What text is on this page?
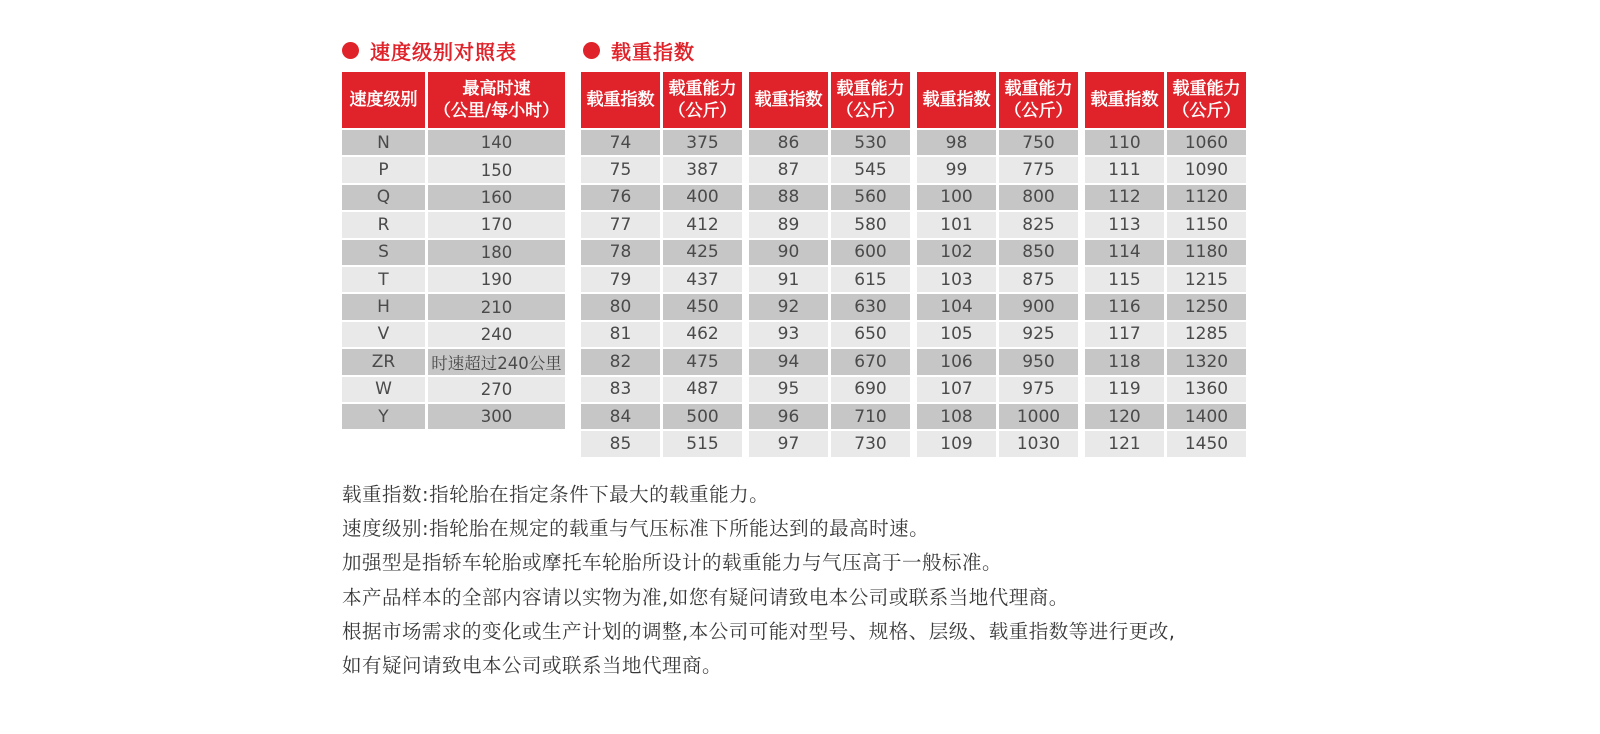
速度级别对照表	载重指数
速度级别
最高时速
（公里/每小时）
N	140
P	150
Q	160
R	170
S	180
T	190
H	210
V	240
ZR	时速超过240公里
W	270
Y	300
载重指数
载重能力
（公斤）
74	375
75	387
76	400
77	412
78	425
79	437
80	450
81	462
82	475
83	487
84	500
85	515
载重指数
载重能力
（公斤）
86	530
87	545
88	560
89	580
90	600
91	615
92	630
93	650
94	670
95	690
96	710
97	730
载重指数
载重能力
（公斤）
98	750
99	775
100	800
101	825
102	850
103	875
104	900
105	925
106	950
107	975
108	1000
109	1030
载重指数
载重能力
（公斤）
110	1060
111	1090
112	1120
113	1150
114	1180
115	1215
116	1250
117	1285
118	1320
119	1360
120	1400
121	1450
载重指数:指轮胎在指定条件下最大的载重能力。
速度级别:指轮胎在规定的载重与气压标准下所能达到的最高时速。
加强型是指轿车轮胎或摩托车轮胎所设计的载重能力与气压高于一般标准。
本产品样本的全部内容请以实物为准,如您有疑问请致电本公司或联系当地代理商。
根据市场需求的变化或生产计划的调整,本公司可能对型号、规格、层级、载重指数等进行更改,
如有疑问请致电本公司或联系当地代理商。
